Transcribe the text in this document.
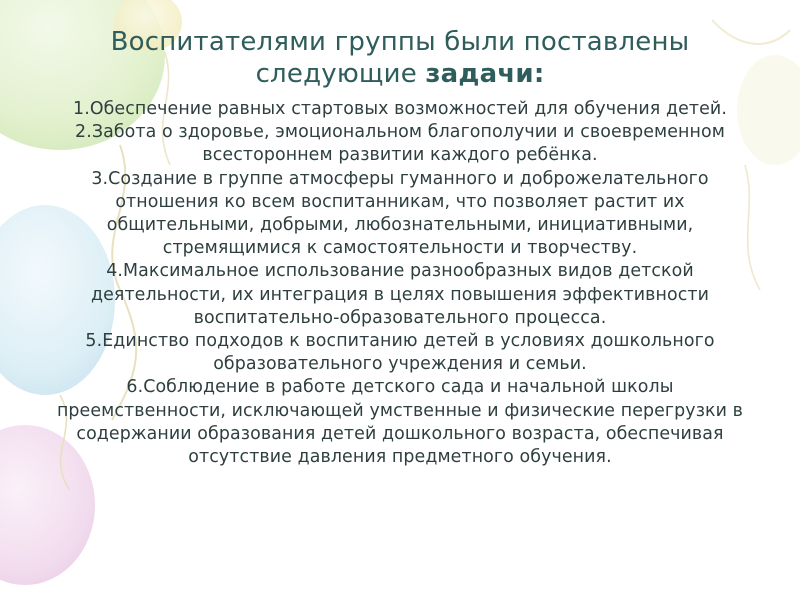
Воспитателями группы были поставлены следующие задачи:
1.Обеспечение равных стартовых возможностей для обучения детей.
2.Забота о здоровье, эмоциональном благополучии и своевременном всестороннем развитии каждого ребёнка.
3.Создание в группе атмосферы гуманного и доброжелательного отношения ко всем воспитанникам, что позволяет растит их общительными, добрыми, любознательными, инициативными, стремящимися к самостоятельности и творчеству.
4.Максимальное использование разнообразных видов детской деятельности, их интеграция в целях повышения эффективности воспитательно-образовательного процесса.
5.Единство подходов к воспитанию детей в условиях дошкольного образовательного учреждения и семьи.
6.Соблюдение в работе детского сада и начальной школы преемственности, исключающей умственные и физические перегрузки в содержании образования детей дошкольного возраста, обеспечивая отсутствие давления предметного обучения.
